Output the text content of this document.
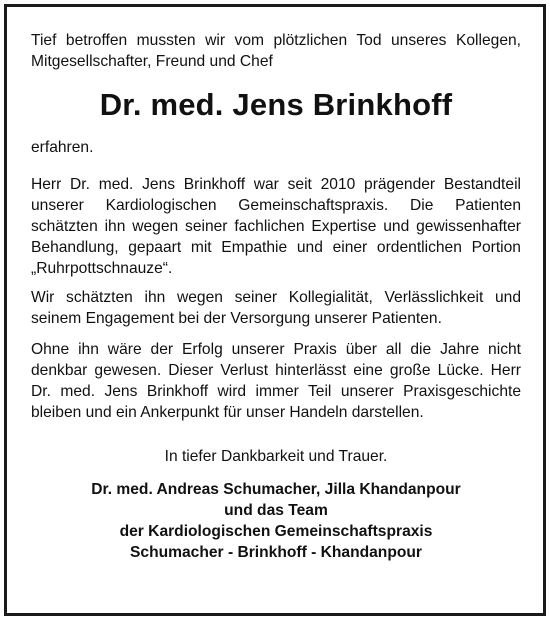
Tief betroffen mussten wir vom plötzlichen Tod unseres Kollegen, Mitgesellschafter, Freund und Chef

Dr. med. Jens Brinkhoff

erfahren.

Herr Dr. med. Jens Brinkhoff war seit 2010 prägender Bestandteil unserer Kardiologischen Gemeinschaftspraxis. Die Patienten schätzten ihn wegen seiner fachlichen Expertise und gewissenhafter Behandlung, gepaart mit Empathie und einer ordentlichen Portion „Ruhrpottschnauze“.

Wir schätzten ihn wegen seiner Kollegialität, Verlässlichkeit und seinem Engagement bei der Versorgung unserer Patienten.

Ohne ihn wäre der Erfolg unserer Praxis über all die Jahre nicht denkbar gewesen. Dieser Verlust hinterlässt eine große Lücke. Herr Dr. med. Jens Brinkhoff wird immer Teil unserer Praxisgeschichte bleiben und ein Ankerpunkt für unser Handeln darstellen.

In tiefer Dankbarkeit und Trauer.
Dr. med. Andreas Schumacher, Jilla Khandanpour
und das Team
der Kardiologischen Gemeinschaftspraxis
Schumacher - Brinkhoff - Khandanpour
